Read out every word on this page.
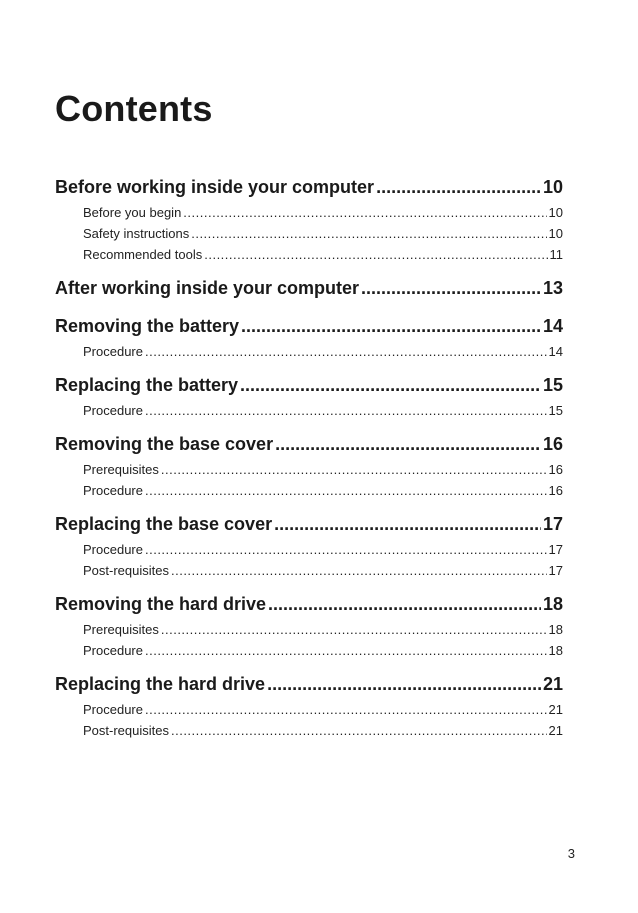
Contents
Before working inside your computer .....	10
Before you begin .....	10
Safety instructions .....	10
Recommended tools .....	11
After working inside your computer .....	13
Removing the battery .....	14
Procedure .....	14
Replacing the battery .....	15
Procedure .....	15
Removing the base cover .....	16
Prerequisites .....	16
Procedure .....	16
Replacing the base cover .....	17
Procedure .....	17
Post-requisites .....	17
Removing the hard drive .....	18
Prerequisites .....	18
Procedure .....	18
Replacing the hard drive .....	21
Procedure .....	21
Post-requisites .....	21
3
